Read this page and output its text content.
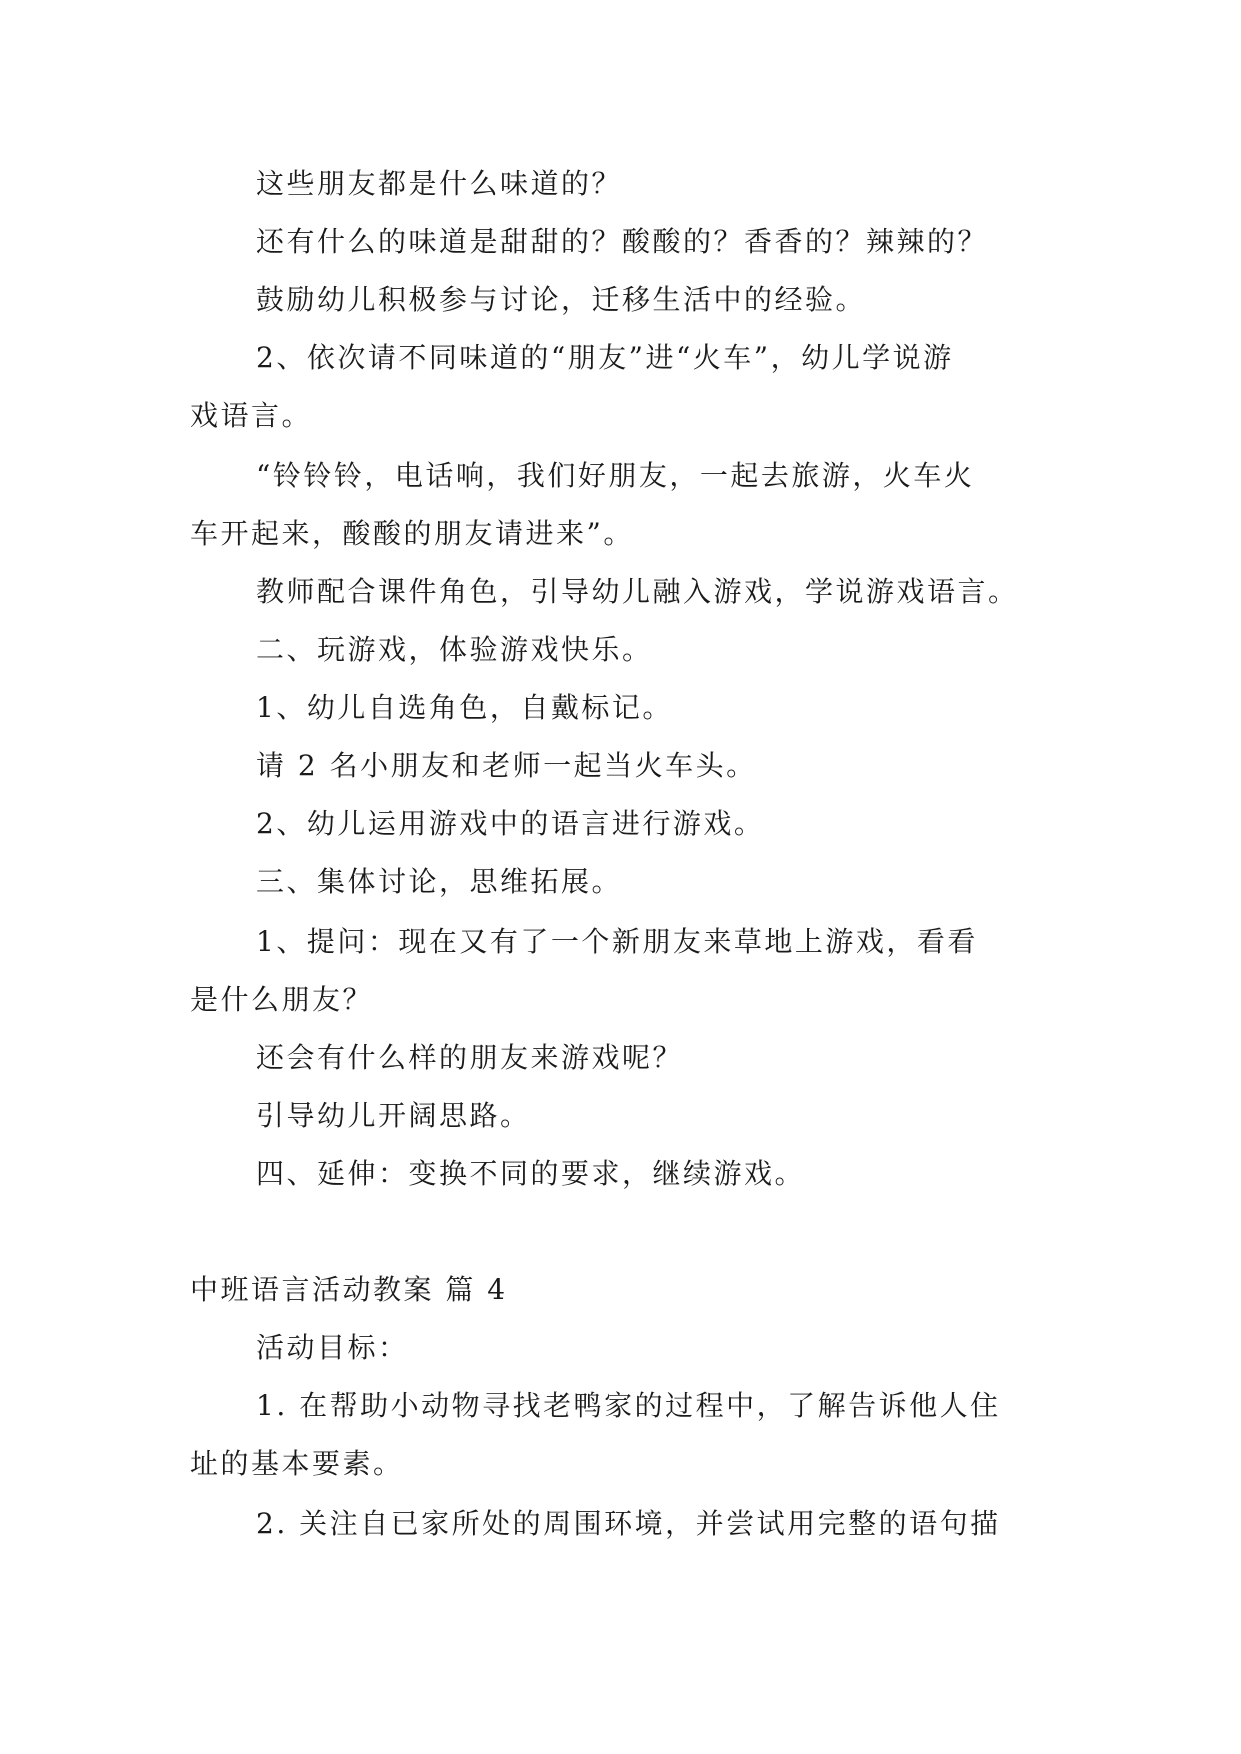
这些朋友都是什么味道的？
还有什么的味道是甜甜的？酸酸的？香香的？辣辣的？
鼓励幼儿积极参与讨论，迁移生活中的经验。
2、依次请不同味道的“朋友”进“火车”，幼儿学说游
戏语言。
“铃铃铃，电话响，我们好朋友，一起去旅游，火车火
车开起来，酸酸的朋友请进来”。
教师配合课件角色，引导幼儿融入游戏，学说游戏语言。
二、玩游戏，体验游戏快乐。
1、幼儿自选角色，自戴标记。
请 2 名小朋友和老师一起当火车头。
2、幼儿运用游戏中的语言进行游戏。
三、集体讨论，思维拓展。
1、提问：现在又有了一个新朋友来草地上游戏，看看
是什么朋友？
还会有什么样的朋友来游戏呢？
引导幼儿开阔思路。
四、延伸：变换不同的要求，继续游戏。
中班语言活动教案 篇 4
活动目标：
1. 在帮助小动物寻找老鸭家的过程中，了解告诉他人住
址的基本要素。
2. 关注自已家所处的周围环境，并尝试用完整的语句描
